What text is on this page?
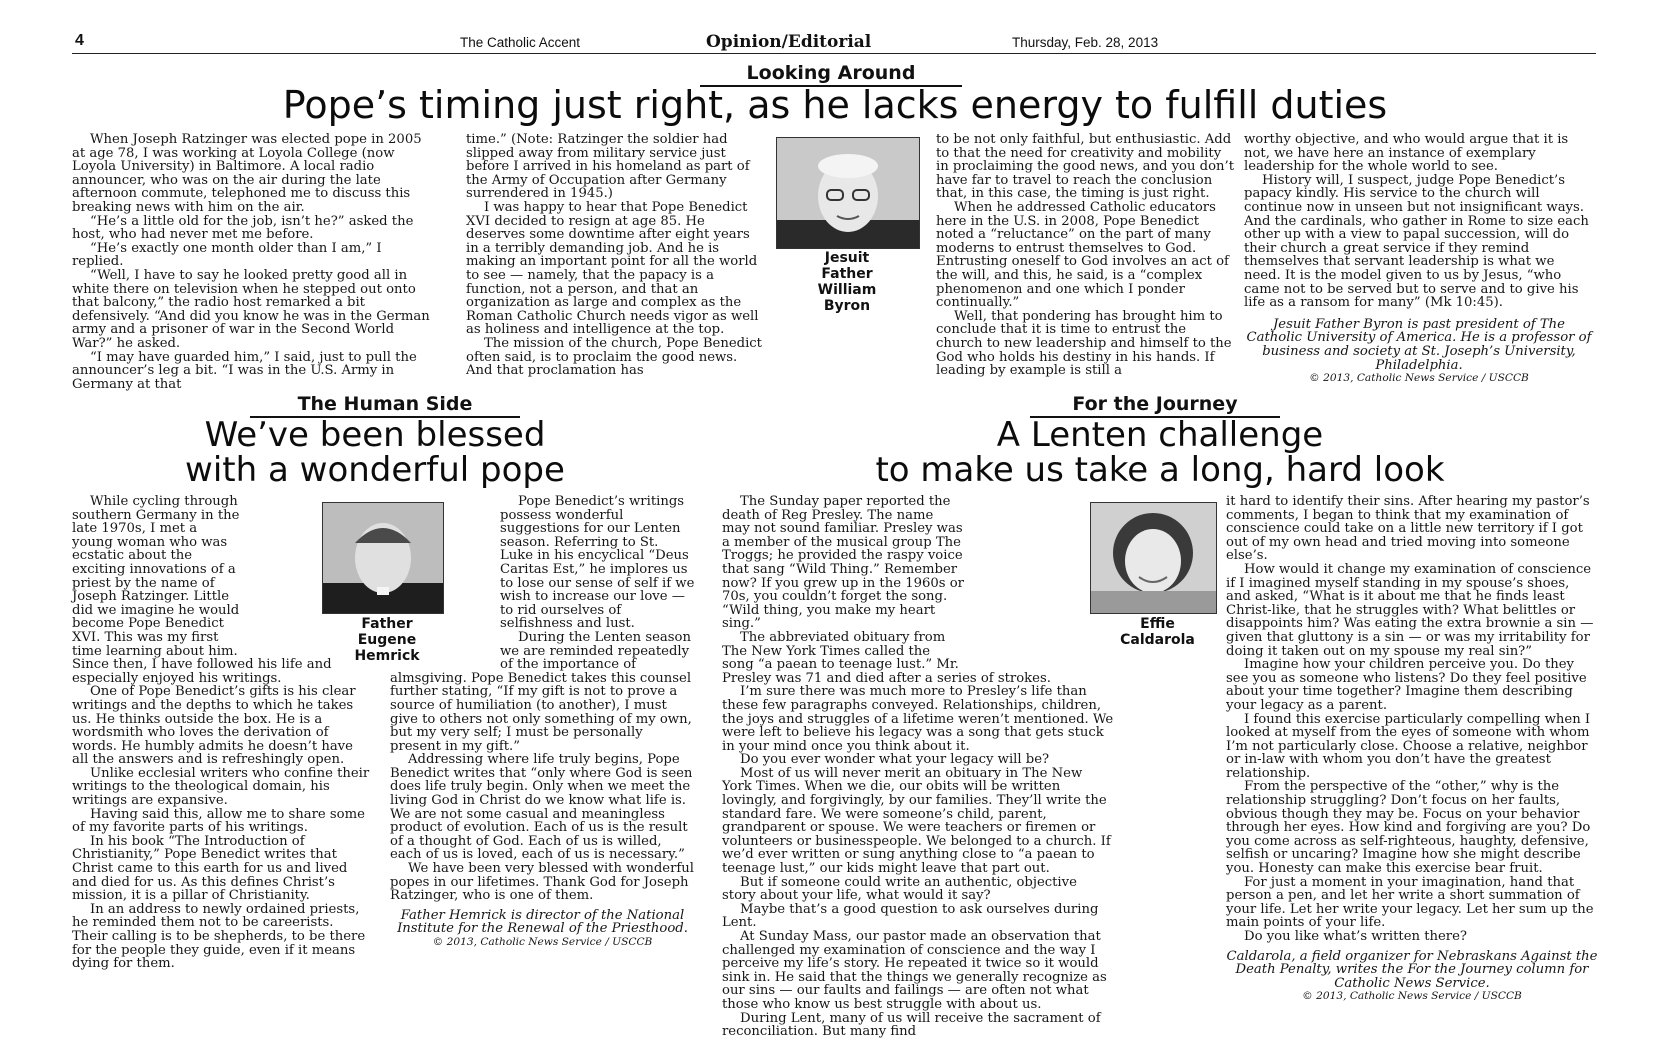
4	The Catholic Accent	Opinion/Editorial	Thursday, Feb. 28, 2013
Looking Around
Pope’s timing just right, as he lacks energy to fulfill duties

When Joseph Ratzinger was elected pope in 2005 at age 78, I was working at Loyola College (now Loyola University) in Baltimore. A local radio announcer, who was on the air during the late afternoon commute, telephoned me to discuss this breaking news with him on the air.

“He’s a little old for the job, isn’t he?” asked the host, who had never met me before.

“He’s exactly one month older than I am,” I replied.

“Well, I have to say he looked pretty good all in white there on television when he stepped out onto that balcony,” the radio host remarked a bit defensively. “And did you know he was in the German army and a prisoner of war in the Second World War?” he asked.

“I may have guarded him,” I said, just to pull the announcer’s leg a bit. “I was in the U.S. Army in Germany at that

time.” (Note: Ratzinger the soldier had slipped away from military service just before I arrived in his homeland as part of the Army of Occupation after Germany surrendered in 1945.)

I was happy to hear that Pope Benedict XVI decided to resign at age 85. He deserves some downtime after eight years in a terribly demanding job. And he is making an important point for all the world to see — namely, that the papacy is a function, not a person, and that an organization as large and complex as the Roman Catholic Church needs vigor as well as holiness and intelligence at the top.

The mission of the church, Pope Benedict often said, is to proclaim the good news. And that proclamation has

Jesuit
Father
William
Byron

to be not only faithful, but enthusiastic. Add to that the need for creativity and mobility in proclaiming the good news, and you don’t have far to travel to reach the conclusion that, in this case, the timing is just right.

When he addressed Catholic educators here in the U.S. in 2008, Pope Benedict noted a “reluctance” on the part of many moderns to entrust themselves to God. Entrusting oneself to God involves an act of the will, and this, he said, is a “complex phenomenon and one which I ponder continually.”

Well, that pondering has brought him to conclude that it is time to entrust the church to new leadership and himself to the God who holds his destiny in his hands. If leading by example is still a

worthy objective, and who would argue that it is not, we have here an instance of exemplary leadership for the whole world to see.

History will, I suspect, judge Pope Benedict’s papacy kindly. His service to the church will continue now in unseen but not insignificant ways. And the cardinals, who gather in Rome to size each other up with a view to papal succession, will do their church a great service if they remind themselves that servant leadership is what we need. It is the model given to us by Jesus, “who came not to be served but to serve and to give his life as a ransom for many” (Mk 10:45).

Jesuit Father Byron is past president of The Catholic University of America. He is a professor of business and society at St. Joseph’s University, Philadelphia.
© 2013, Catholic News Service / USCCB
The Human Side
We’ve been blessed
with a wonderful pope

While cycling through southern Germany in the late 1970s, I met a young woman who was ecstatic about the exciting innovations of a priest by the name of Joseph Ratzinger. Little did we imagine he would become Pope Benedict XVI. This was my first time learning about him. Since then, I have followed his life and especially enjoyed his writings.

One of Pope Benedict’s gifts is his clear writings and the depths to which he takes us. He thinks outside the box. He is a wordsmith who loves the derivation of words. He humbly admits he doesn’t have all the answers and is refreshingly open.

Unlike ecclesial writers who confine their writings to the theological domain, his writings are expansive.

Having said this, allow me to share some of my favorite parts of his writings.

In his book “The Introduction of Christianity,” Pope Benedict writes that Christ came to this earth for us and lived and died for us. As this defines Christ’s mission, it is a pillar of Christianity.

In an address to newly ordained priests, he reminded them not to be careerists. Their calling is to be shepherds, to be there for the people they guide, even if it means dying for them.

Father
Eugene
Hemrick

Pope Benedict’s writings possess wonderful suggestions for our Lenten season. Referring to St. Luke in his encyclical “Deus Caritas Est,” he implores us to lose our sense of self if we wish to increase our love — to rid ourselves of selfishness and lust.

During the Lenten season we are reminded repeatedly of the importance of almsgiving. Pope Benedict takes this counsel further stating, “If my gift is not to prove a source of humiliation (to another), I must give to others not only something of my own, but my very self; I must be personally present in my gift.”

Addressing where life truly begins, Pope Benedict writes that “only where God is seen does life truly begin. Only when we meet the living God in Christ do we know what life is. We are not some casual and meaningless product of evolution. Each of us is the result of a thought of God. Each of us is willed, each of us is loved, each of us is necessary.”

We have been very blessed with wonderful popes in our lifetimes. Thank God for Joseph Ratzinger, who is one of them.

Father Hemrick is director of the National Institute for the Renewal of the Priesthood.
© 2013, Catholic News Service / USCCB
For the Journey
A Lenten challenge
to make us take a long, hard look

The Sunday paper reported the death of Reg Presley. The name may not sound familiar. Presley was a member of the musical group The Troggs; he provided the raspy voice that sang “Wild Thing.” Remember now? If you grew up in the 1960s or 70s, you couldn’t forget the song. “Wild thing, you make my heart sing.”

The abbreviated obituary from The New York Times called the song “a paean to teenage lust.” Mr. Presley was 71 and died after a series of strokes.

I’m sure there was much more to Presley’s life than these few paragraphs conveyed. Relationships, children, the joys and struggles of a lifetime weren’t mentioned. We were left to believe his legacy was a song that gets stuck in your mind once you think about it.

Do you ever wonder what your legacy will be?

Most of us will never merit an obituary in The New York Times. When we die, our obits will be written lovingly, and forgivingly, by our families. They’ll write the standard fare. We were someone’s child, parent, grandparent or spouse. We were teachers or firemen or volunteers or businesspeople. We belonged to a church. If we’d ever written or sung anything close to “a paean to teenage lust,” our kids might leave that part out.

But if someone could write an authentic, objective story about your life, what would it say?

Maybe that’s a good question to ask ourselves during Lent.

At Sunday Mass, our pastor made an observation that challenged my examination of conscience and the way I perceive my life’s story. He repeated it twice so it would sink in. He said that the things we generally recognize as our sins — our faults and failings — are often not what those who know us best struggle with about us.

During Lent, many of us will receive the sacrament of reconciliation. But many find

Effie
Caldarola

it hard to identify their sins. After hearing my pastor’s comments, I began to think that my examination of conscience could take on a little new territory if I got out of my own head and tried moving into someone else’s.

How would it change my examination of conscience if I imagined myself standing in my spouse’s shoes, and asked, “What is it about me that he finds least Christ-like, that he struggles with? What belittles or disappoints him? Was eating the extra brownie a sin — given that gluttony is a sin — or was my irritability for doing it taken out on my spouse my real sin?”

Imagine how your children perceive you. Do they see you as someone who listens? Do they feel positive about your time together? Imagine them describing your legacy as a parent.

I found this exercise particularly compelling when I looked at myself from the eyes of someone with whom I’m not particularly close. Choose a relative, neighbor or in-law with whom you don’t have the greatest relationship.

From the perspective of the “other,” why is the relationship struggling? Don’t focus on her faults, obvious though they may be. Focus on your behavior through her eyes. How kind and forgiving are you? Do you come across as self-righteous, haughty, defensive, selfish or uncaring? Imagine how she might describe you. Honesty can make this exercise bear fruit.

For just a moment in your imagination, hand that person a pen, and let her write a short summation of your life. Let her write your legacy. Let her sum up the main points of your life.

Do you like what’s written there?

Caldarola, a field organizer for Nebraskans Against the Death Penalty, writes the For the Journey column for Catholic News Service.
© 2013, Catholic News Service / USCCB
